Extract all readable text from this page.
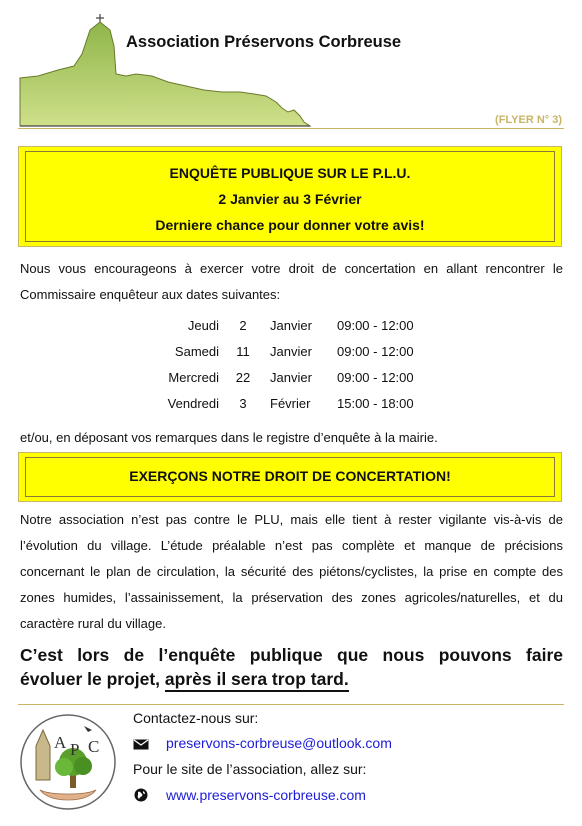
Association Préservons Corbreuse
(FLYER N° 3)
ENQUÊTE PUBLIQUE SUR LE P.L.U.
2 Janvier au 3 Février
Derniere chance pour donner votre avis!
Nous vous encourageons à exercer votre droit de concertation en allant rencontrer le Commissaire enquêteur aux dates suivantes:
Jeudi	2	Janvier 09:00 - 12:00
Samedi	11	Janvier 09:00 - 12:00
Mercredi	22	Janvier 09:00 - 12:00
Vendredi	3	Février 15:00 - 18:00
et/ou, en déposant vos remarques dans le registre d’enquête à la mairie.
EXERÇONS NOTRE DROIT DE CONCERTATION!
Notre association n’est pas contre le PLU, mais elle tient à rester vigilante vis-à-vis de l’évolution du village. L’étude préalable n’est pas complète et manque de précisions concernant le plan de circulation, la sécurité des piétons/cyclistes, la prise en compte des zones humides, l’assainissement, la préservation des zones agricoles/naturelles, et du caractère rural du village.
C’est lors de l’enquête publique que nous pouvons faire
évoluer le projet, après il sera trop tard.
A P C
Contactez-nous sur:
preservons-corbreuse@outlook.com
Pour le site de l’association, allez sur:
www.preservons-corbreuse.com
